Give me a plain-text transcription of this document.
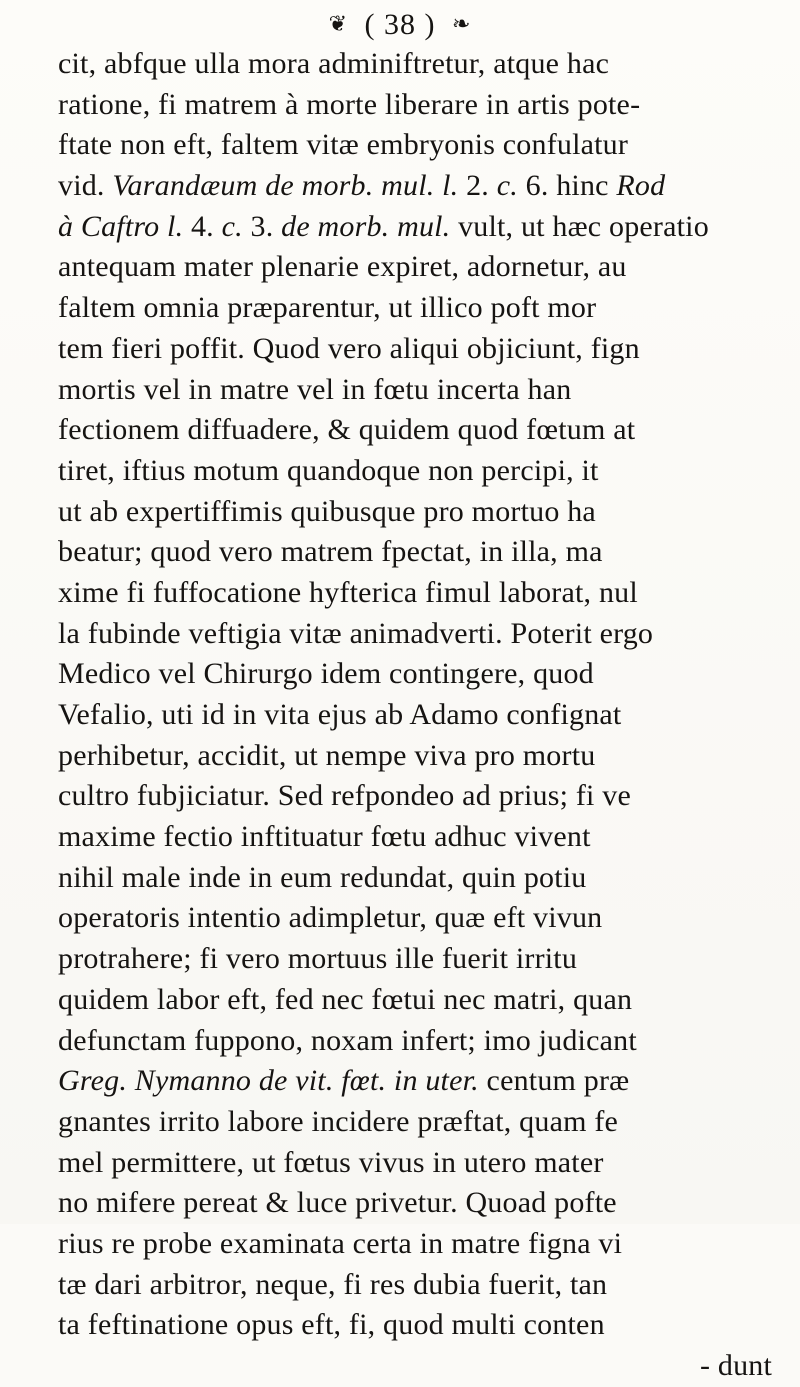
❦ ( 38 ) ❧
cit, abfque ulla mora adminiftretur, atque hac
ratione, fi matrem à morte liberare in artis pote-
ftate non eft, faltem vitæ embryonis confulatur
vid. Varandæum de morb. mul. l. 2. c. 6. hinc Rod
à Caftro l. 4. c. 3. de morb. mul. vult, ut hæc operatio
antequam mater plenarie expiret, adornetur, au
faltem omnia præparentur, ut illico poft mor
tem fieri poffit. Quod vero aliqui objiciunt, fign
mortis vel in matre vel in fœtu incerta han
fectionem diffuadere, & quidem quod fœtum at
tiret, iftius motum quandoque non percipi, it
ut ab expertiffimis quibusque pro mortuo ha
beatur; quod vero matrem fpectat, in illa, ma
xime fi fuffocatione hyfterica fimul laborat, nul
la fubinde veftigia vitæ animadverti. Poterit ergo
Medico vel Chirurgo idem contingere, quod
Vefalio, uti id in vita ejus ab Adamo confignat
perhibetur, accidit, ut nempe viva pro mortu
cultro fubjiciatur. Sed refpondeo ad prius; fi ve
maxime fectio inftituatur fœtu adhuc vivent
nihil male inde in eum redundat, quin potiu
operatoris intentio adimpletur, quæ eft vivun
protrahere; fi vero mortuus ille fuerit irritu
quidem labor eft, fed nec fœtui nec matri, quan
defunctam fuppono, noxam infert; imo judicant
Greg. Nymanno de vit. fœt. in uter. centum præ
gnantes irrito labore incidere præftat, quam fe
mel permittere, ut fœtus vivus in utero mater
no mifere pereat & luce privetur. Quoad pofte
rius re probe examinata certa in matre figna vi
tæ dari arbitror, neque, fi res dubia fuerit, tan
ta feftinatione opus eft, fi, quod multi conten
- dunt
